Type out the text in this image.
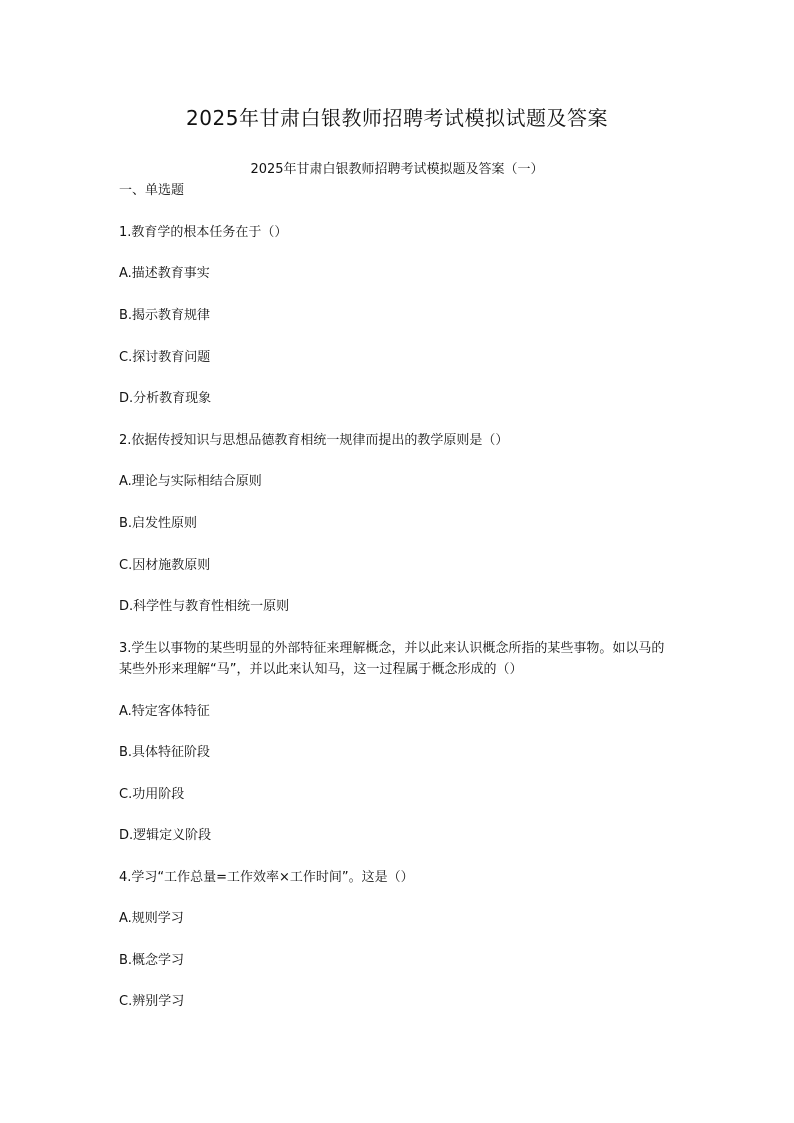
2025年甘肃白银教师招聘考试模拟试题及答案

2025年甘肃白银教师招聘考试模拟题及答案（一）

一、单选题

1.教育学的根本任务在于（）

A.描述教育事实

B.揭示教育规律

C.探讨教育问题

D.分析教育现象

2.依据传授知识与思想品德教育相统一规律而提出的教学原则是（）

A.理论与实际相结合原则

B.启发性原则

C.因材施教原则

D.科学性与教育性相统一原则

3.学生以事物的某些明显的外部特征来理解概念，并以此来认识概念所指的某些事物。如以马的某些外形来理解“马”，并以此来认知马，这一过程属于概念形成的（）

A.特定客体特征

B.具体特征阶段

C.功用阶段

D.逻辑定义阶段

4.学习“工作总量=工作效率×工作时间”。这是（）

A.规则学习

B.概念学习

C.辨别学习
